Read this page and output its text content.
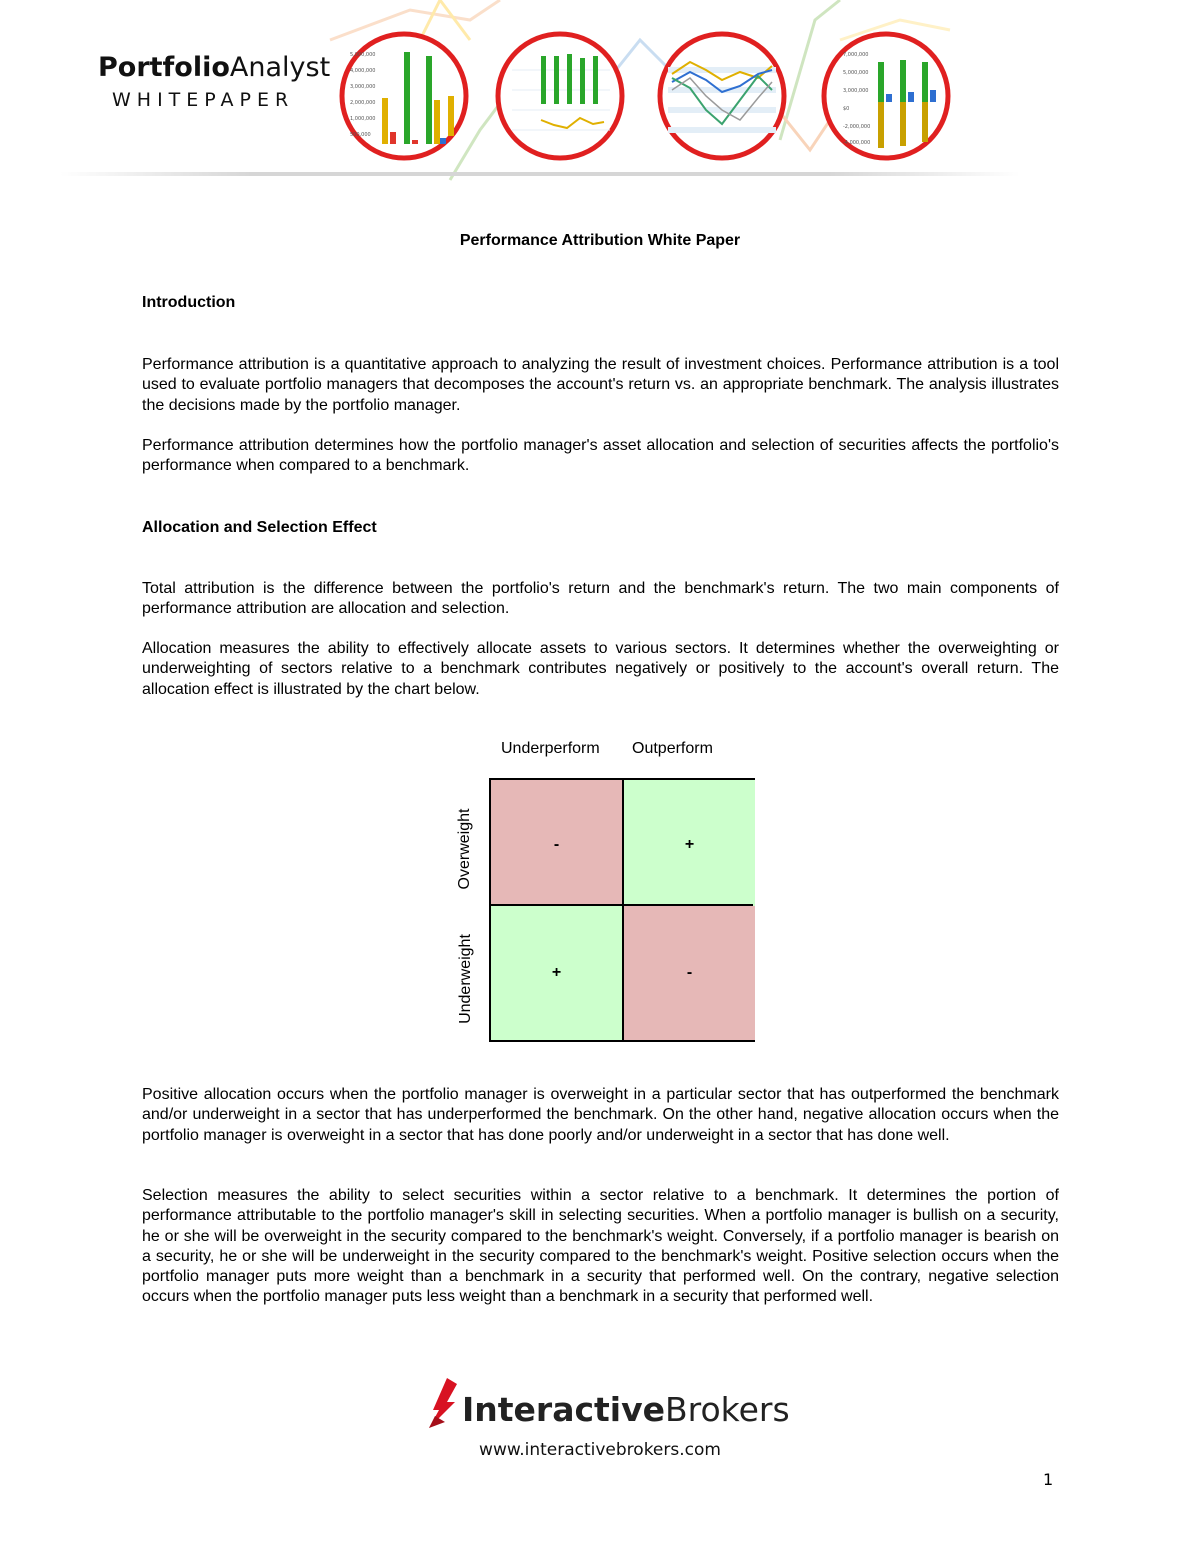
PortfolioAnalyst
WHITEPAPER
5,000,000
4,000,000
3,000,000
2,000,000
1,000,000
500,000
7,000,000
5,000,000
3,000,000
$0
-2,000,000
-4,000,000
Performance Attribution White Paper
Introduction
Performance attribution is a quantitative approach to analyzing the result of investment choices. Performance attribution is a tool used to evaluate portfolio managers that decomposes the account's return vs. an appropriate benchmark. The analysis illustrates the decisions made by the portfolio manager.
Performance attribution determines how the portfolio manager's asset allocation and selection of securities affects the portfolio's performance when compared to a benchmark.
Allocation and Selection Effect
Total attribution is the difference between the portfolio's return and the benchmark's return. The two main components of performance attribution are allocation and selection.
Allocation measures the ability to effectively allocate assets to various sectors. It determines whether the overweighting or underweighting of sectors relative to a benchmark contributes negatively or positively to the account's overall return. The allocation effect is illustrated by the chart below.
Underperform Outperform
Overweight
Underweight
-	+
+	-
Positive allocation occurs when the portfolio manager is overweight in a particular sector that has outperformed the benchmark and/or underweight in a sector that has underperformed the benchmark. On the other hand, negative allocation occurs when the portfolio manager is overweight in a sector that has done poorly and/or underweight in a sector that has done well.
Selection measures the ability to select securities within a sector relative to a benchmark. It determines the portion of performance attributable to the portfolio manager's skill in selecting securities. When a portfolio manager is bullish on a security, he or she will be overweight in the security compared to the benchmark's weight. Conversely, if a portfolio manager is bearish on a security, he or she will be underweight in the security compared to the benchmark's weight. Positive selection occurs when the portfolio manager puts more weight than a benchmark in a security that performed well. On the contrary, negative selection occurs when the portfolio manager puts less weight than a benchmark in a security that performed well.
InteractiveBrokers
www.interactivebrokers.com
1
